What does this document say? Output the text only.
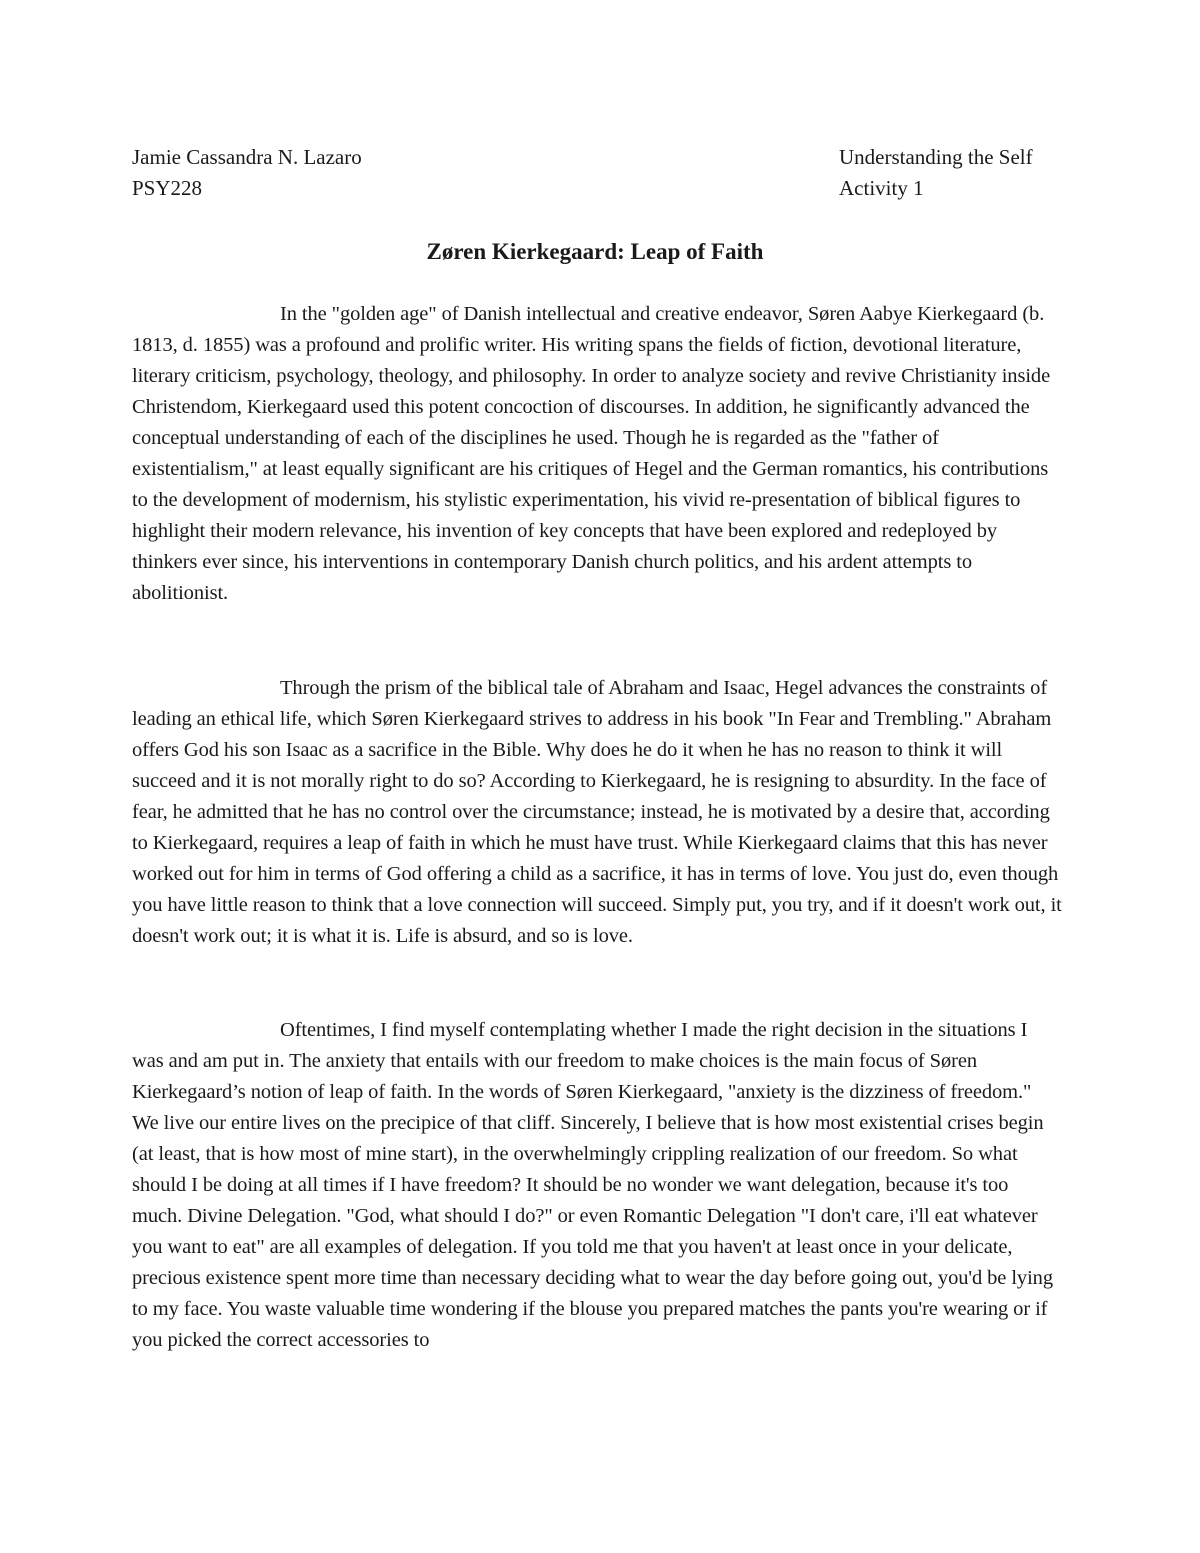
Jamie Cassandra N. Lazaro	Understanding the Self
PSY228	Activity 1
Zøren Kierkegaard: Leap of Faith

In the "golden age" of Danish intellectual and creative endeavor, Søren Aabye Kierkegaard (b. 1813, d. 1855) was a profound and prolific writer. His writing spans the fields of fiction, devotional literature, literary criticism, psychology, theology, and philosophy. In order to analyze society and revive Christianity inside Christendom, Kierkegaard used this potent concoction of discourses. In addition, he significantly advanced the conceptual understanding of each of the disciplines he used. Though he is regarded as the "father of existentialism," at least equally significant are his critiques of Hegel and the German romantics, his contributions to the development of modernism, his stylistic experimentation, his vivid re-presentation of biblical figures to highlight their modern relevance, his invention of key concepts that have been explored and redeployed by thinkers ever since, his interventions in contemporary Danish church politics, and his ardent attempts to abolitionist.

Through the prism of the biblical tale of Abraham and Isaac, Hegel advances the constraints of leading an ethical life, which Søren Kierkegaard strives to address in his book "In Fear and Trembling." Abraham offers God his son Isaac as a sacrifice in the Bible. Why does he do it when he has no reason to think it will succeed and it is not morally right to do so? According to Kierkegaard, he is resigning to absurdity. In the face of fear, he admitted that he has no control over the circumstance; instead, he is motivated by a desire that, according to Kierkegaard, requires a leap of faith in which he must have trust. While Kierkegaard claims that this has never worked out for him in terms of God offering a child as a sacrifice, it has in terms of love. You just do, even though you have little reason to think that a love connection will succeed. Simply put, you try, and if it doesn't work out, it doesn't work out; it is what it is. Life is absurd, and so is love.

Oftentimes, I find myself contemplating whether I made the right decision in the situations I was and am put in. The anxiety that entails with our freedom to make choices is the main focus of Søren Kierkegaard’s notion of leap of faith. In the words of Søren Kierkegaard, "anxiety is the dizziness of freedom." We live our entire lives on the precipice of that cliff. Sincerely, I believe that is how most existential crises begin (at least, that is how most of mine start), in the overwhelmingly crippling realization of our freedom. So what should I be doing at all times if I have freedom? It should be no wonder we want delegation, because it's too much. Divine Delegation. "God, what should I do?" or even Romantic Delegation "I don't care, i'll eat whatever you want to eat" are all examples of delegation. If you told me that you haven't at least once in your delicate, precious existence spent more time than necessary deciding what to wear the day before going out, you'd be lying to my face. You waste valuable time wondering if the blouse you prepared matches the pants you're wearing or if you picked the correct accessories to
